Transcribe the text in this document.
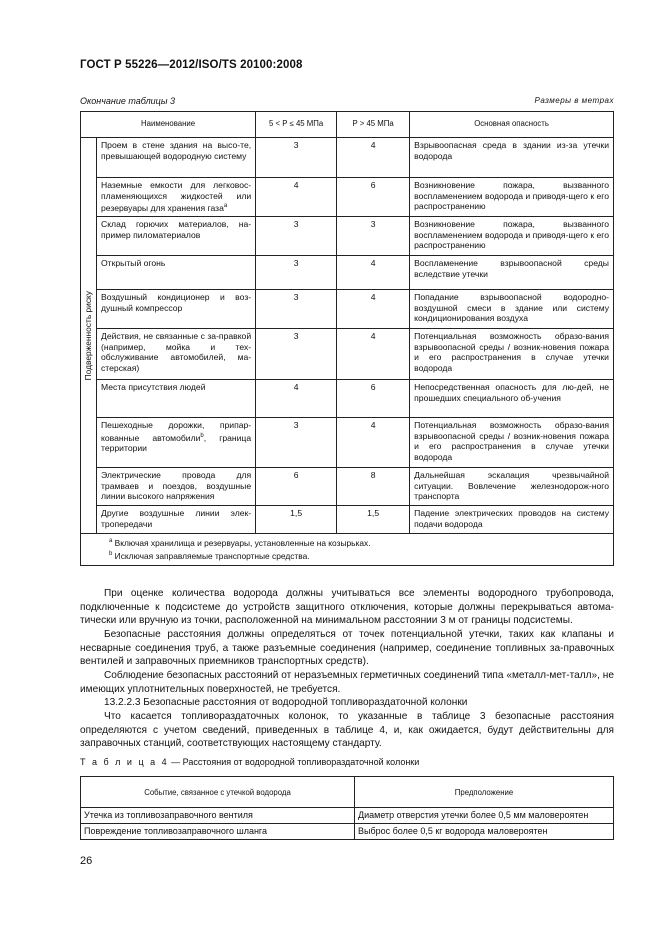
ГОСТ Р 55226—2012/ISO/TS 20100:2008
Окончание таблицы 3	Размеры в метрах
Наименование		5 < P ≤ 45 МПа	P > 45 МПа	Основная опасность

Подверженность риску	Проем в стене здания на высо-те, превышающей водородную систему	3	4	Взрывоопасная среда в здании из-за утечки водорода
	Наземные емкости для легковос-пламеняющихся жидкостей или резервуары для хранения газа$^a$	4	6	Возникновение пожара, вызванного воспламенением водорода и приводя-щего к его распространению
	Склад горючих материалов, на-пример пиломатериалов	3	3	Возникновение пожара, вызванного воспламенением водорода и приводя-щего к его распространению
	Открытый огонь	3	4	Воспламенение взрывоопасной среды вследствие утечки
	Воздушный кондиционер и воз-душный компрессор	3	4	Попадание взрывоопасной водородно-воздушной смеси в здание или систему кондиционирования воздуха
	Действия, не связанные с за-правкой (например, мойка и тех-обслуживание автомобилей, ма-стерская)	3	4	Потенциальная возможность образо-вания взрывоопасной среды / возник-новения пожара и его распространения в случае утечки водорода
	Места присутствия людей	4	6	Непосредственная опасность для лю-дей, не прошедших специального об-учения
	Пешеходные дорожки, припар-кованные автомобили$^b$, граница территории	3	4	Потенциальная возможность образо-вания взрывоопасной среды / возник-новения пожара и его распространения в случае утечки водорода
	Электрические провода для трамваев и поездов, воздушные линии высокого напряжения	6	8	Дальнейшая эскалация чрезвычайной ситуации. Вовлечение железнодорож-ного транспорта
	Другие воздушные линии элек-тропередачи	1,5	1,5	Падение электрических проводов на систему подачи водорода

$^a$ Включая хранилища и резервуары, установленные на козырьках.
$^b$ Исключая заправляемые транспортные средства.				
При оценке количества водорода должны учитываться все элементы водородного трубопровода, подключенные к подсистеме до устройств защитного отключения, которые должны перекрываться автома-тически или вручную из точки, расположенной на минимальном расстоянии 3 м от границы подсистемы.
Безопасные расстояния должны определяться от точек потенциальной утечки, таких как клапаны и несварные соединения труб, а также разъемные соединения (например, соединение топливных за-правочных вентилей и заправочных приемников транспортных средств).
Соблюдение безопасных расстояний от неразъемных герметичных соединений типа «металл-мет-талл», не имеющих уплотнительных поверхностей, не требуется.
13.2.2.3 Безопасные расстояния от водородной топливораздаточной колонки
Что касается топливораздаточных колонок, то указанные в таблице 3 безопасные расстояния определяются с учетом сведений, приведенных в таблице 4, и, как ожидается, будут действительны для заправочных станций, соответствующих настоящему стандарту.
Т а б л и ц а 4 — Расстояния от водородной топливораздаточной колонки
Событие, связанное с утечкой водорода	Предположение
Утечка из топливозаправочного вентиля	Диаметр отверстия утечки более 0,5 мм маловероятен
Повреждение топливозаправочного шланга	Выброс более 0,5 кг водорода маловероятен
26
